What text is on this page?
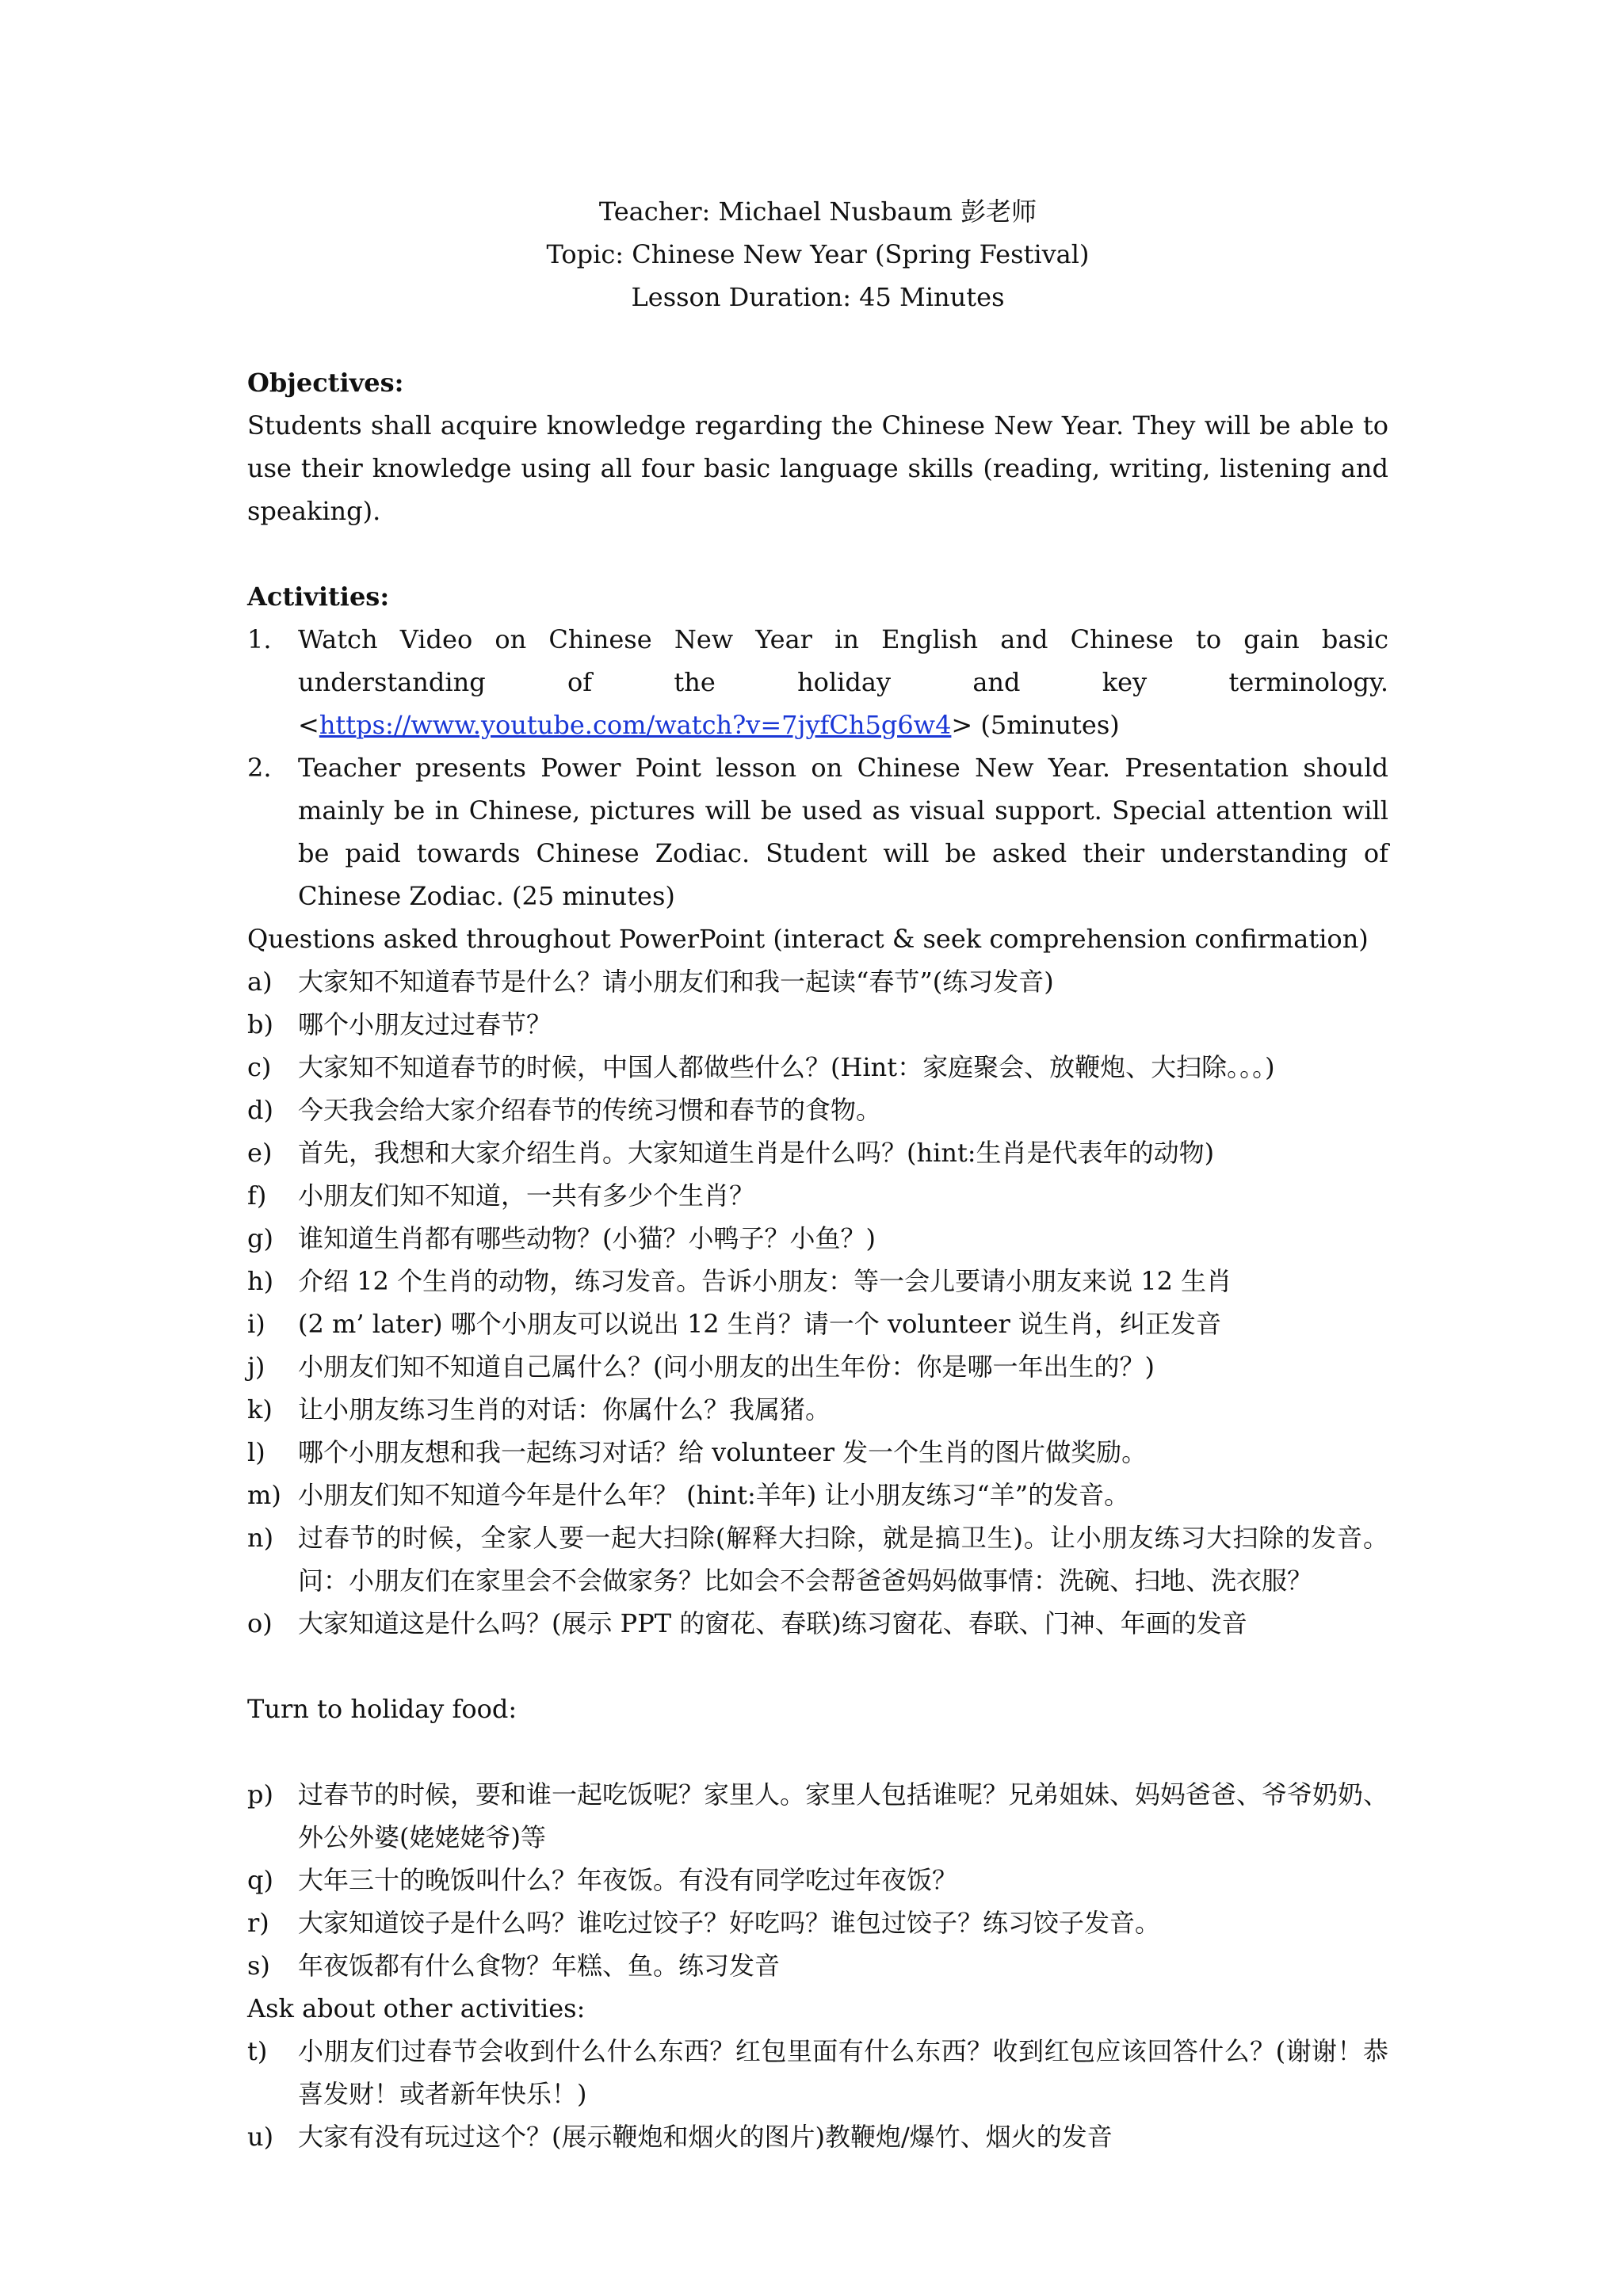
Teacher: Michael Nusbaum 彭老师
Topic: Chinese New Year (Spring Festival)
Lesson Duration: 45 Minutes
Objectives:
Students shall acquire knowledge regarding the Chinese New Year. They will be able to use their knowledge using all four basic language skills (reading, writing, listening and speaking).
Activities:
1.	Watch Video on Chinese New Year in English and Chinese to gain basic understanding of the holiday and key terminology. <https://www.youtube.com/watch?v=7jyfCh5g6w4> (5minutes)
2.	Teacher presents Power Point lesson on Chinese New Year. Presentation should mainly be in Chinese, pictures will be used as visual support. Special attention will be paid towards Chinese Zodiac. Student will be asked their understanding of Chinese Zodiac. (25 minutes)
Questions asked throughout PowerPoint (interact & seek comprehension confirmation)
a)	大家知不知道春节是什么？请小朋友们和我一起读“春节”(练习发音)
b) 哪个小朋友过过春节？
c)	大家知不知道春节的时候，中国人都做些什么？(Hint：家庭聚会、放鞭炮、大扫除。。。)
d) 今天我会给大家介绍春节的传统习惯和春节的食物。
e)	首先，我想和大家介绍生肖。大家知道生肖是什么吗？(hint:生肖是代表年的动物)
f)	小朋友们知不知道，一共有多少个生肖？
g) 谁知道生肖都有哪些动物？(小猫？小鸭子？小鱼？)
h) 介绍 12 个生肖的动物，练习发音。告诉小朋友：等一会儿要请小朋友来说 12 生肖
i)	(2 m’ later) 哪个小朋友可以说出 12 生肖？请一个 volunteer 说生肖，纠正发音
j)	小朋友们知不知道自己属什么？(问小朋友的出生年份：你是哪一年出生的？)
k)	让小朋友练习生肖的对话：你属什么？我属猪。
l)	哪个小朋友想和我一起练习对话？给 volunteer 发一个生肖的图片做奖励。
m) 小朋友们知不知道今年是什么年？ (hint:羊年) 让小朋友练习“羊”的发音。
n) 过春节的时候，全家人要一起大扫除(解释大扫除，就是搞卫生)。让小朋友练习大扫除的发音。问：小朋友们在家里会不会做家务？比如会不会帮爸爸妈妈做事情：洗碗、扫地、洗衣服？
o)	大家知道这是什么吗？(展示 PPT 的窗花、春联)练习窗花、春联、门神、年画的发音
Turn to holiday food:
p) 过春节的时候，要和谁一起吃饭呢？家里人。家里人包括谁呢？兄弟姐妹、妈妈爸爸、爷爷奶奶、外公外婆(姥姥姥爷)等
q) 大年三十的晚饭叫什么？年夜饭。有没有同学吃过年夜饭？
r)	大家知道饺子是什么吗？谁吃过饺子？好吃吗？谁包过饺子？练习饺子发音。
s)	年夜饭都有什么食物？年糕、鱼。练习发音
Ask about other activities:
t)	小朋友们过春节会收到什么什么东西？红包里面有什么东西？收到红包应该回答什么？(谢谢！恭喜发财！或者新年快乐！)
u) 大家有没有玩过这个？(展示鞭炮和烟火的图片)教鞭炮/爆竹、烟火的发音
